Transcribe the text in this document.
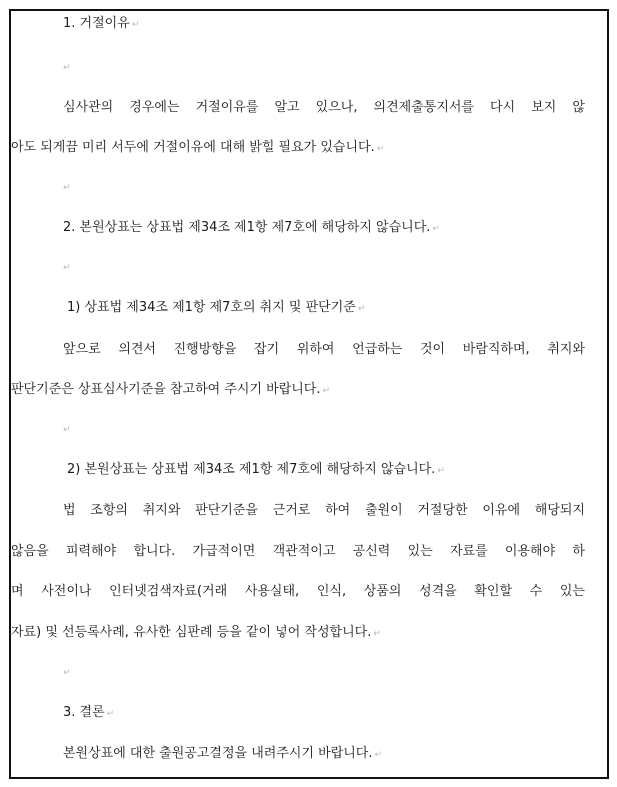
1. 거절이유 ↵
↵
심사관의 경우에는 거절이유를 알고 있으나, 의견제출통지서를 다시 보지 않
아도 되게끔 미리 서두에 거절이유에 대해 밝힐 필요가 있습니다. ↵
↵
2. 본원상표는 상표법 제34조 제1항 제7호에 해당하지 않습니다. ↵
↵
1) 상표법 제34조 제1항 제7호의 취지 및 판단기준 ↵
앞으로 의견서 진행방향을 잡기 위하여 언급하는 것이 바람직하며, 취지와
판단기준은 상표심사기준을 참고하여 주시기 바랍니다. ↵
↵
2) 본원상표는 상표법 제34조 제1항 제7호에 해당하지 않습니다. ↵
법 조항의 취지와 판단기준을 근거로 하여 출원이 거절당한 이유에 해당되지
않음을 피력해야 합니다. 가급적이면 객관적이고 공신력 있는 자료를 이용해야 하
며 사전이나 인터넷검색자료(거래 사용실태, 인식, 상품의 성격을 확인할 수 있는
자료) 및 선등록사례, 유사한 심판례 등을 같이 넣어 작성합니다. ↵
↵
3. 결론 ↵
본원상표에 대한 출원공고결정을 내려주시기 바랍니다. ↵
